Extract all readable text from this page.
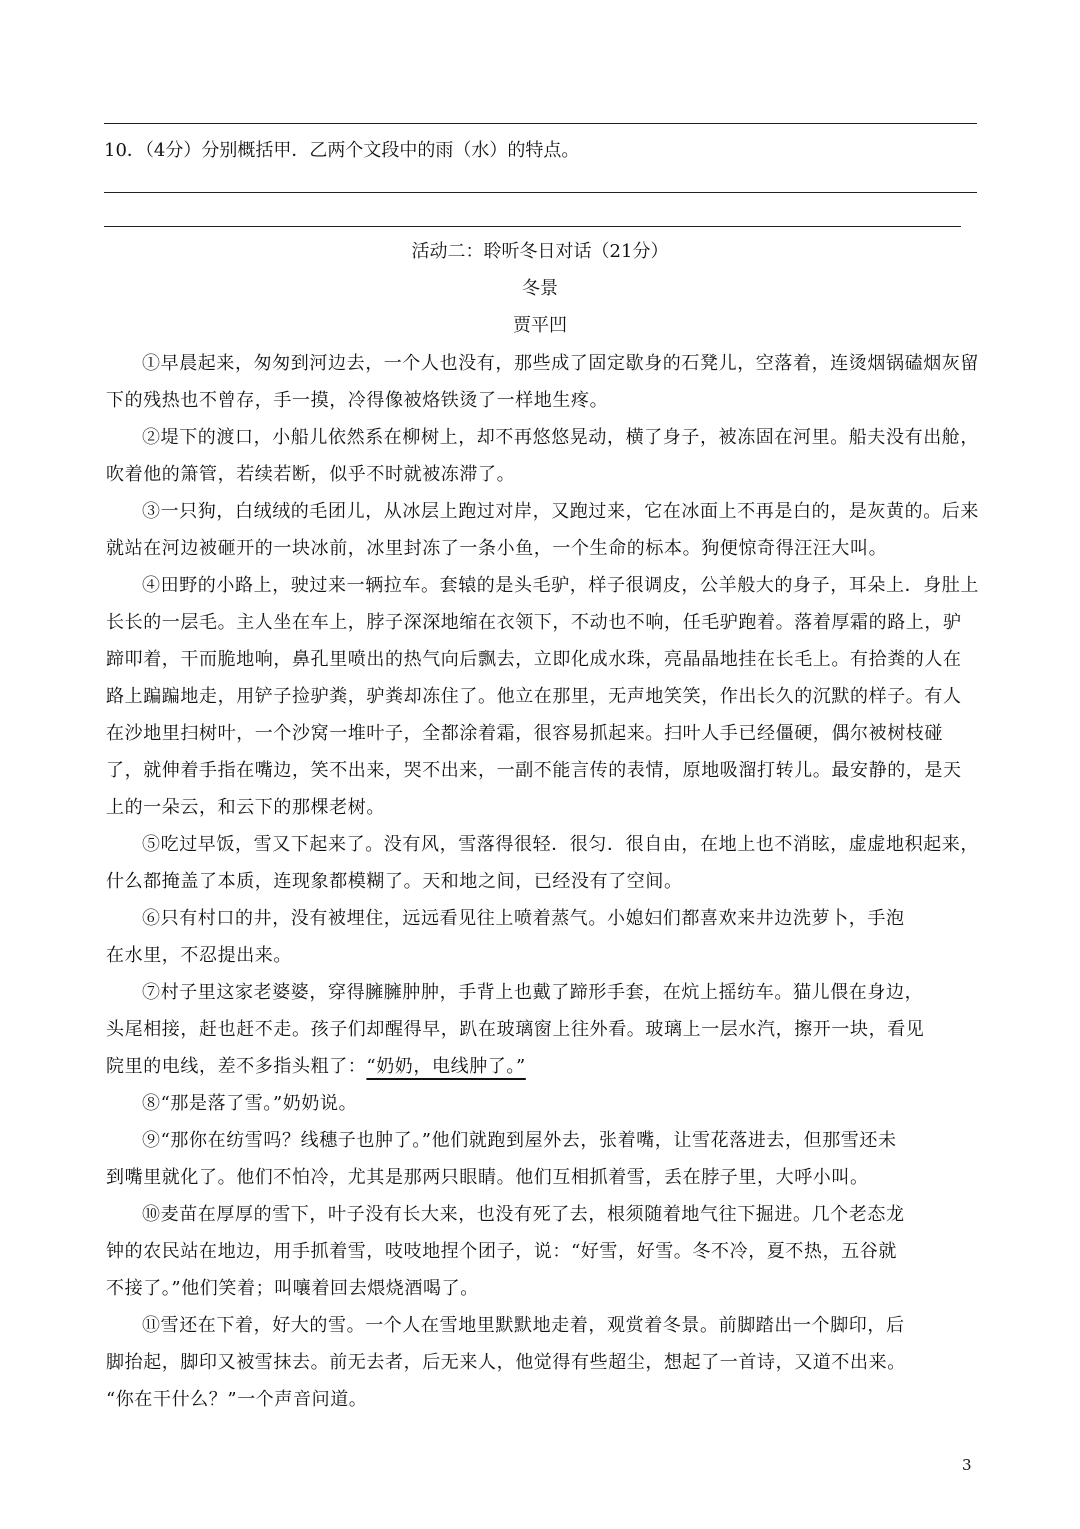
10．（4分）分别概括甲．乙两个文段中的雨（水）的特点。
活动二：聆听冬日对话（21分）
冬景
贾平凹

①早晨起来，匆匆到河边去，一个人也没有，那些成了固定歇身的石凳儿，空落着，连烫烟锅磕烟灰留下的残热也不曾存，手一摸，冷得像被烙铁烫了一样地生疼。

②堤下的渡口，小船儿依然系在柳树上，却不再悠悠晃动，横了身子，被冻固在河里。船夫没有出舱，吹着他的箫管，若续若断，似乎不时就被冻滞了。

③一只狗，白绒绒的毛团儿，从冰层上跑过对岸，又跑过来，它在冰面上不再是白的，是灰黄的。后来就站在河边被砸开的一块冰前，冰里封冻了一条小鱼，一个生命的标本。狗便惊奇得汪汪大叫。

④田野的小路上，驶过来一辆拉车。套辕的是头毛驴，样子很调皮，公羊般大的身子，耳朵上．身肚上长长的一层毛。主人坐在车上，脖子深深地缩在衣领下，不动也不响，任毛驴跑着。落着厚霜的路上，驴蹄叩着，干而脆地响，鼻孔里喷出的热气向后飘去，立即化成水珠，亮晶晶地挂在长毛上。有拾粪的人在路上蹁蹁地走，用铲子捡驴粪，驴粪却冻住了。他立在那里，无声地笑笑，作出长久的沉默的样子。有人在沙地里扫树叶，一个沙窝一堆叶子，全都涂着霜，很容易抓起来。扫叶人手已经僵硬，偶尔被树枝碰了，就伸着手指在嘴边，笑不出来，哭不出来，一副不能言传的表情，原地吸溜打转儿。最安静的，是天上的一朵云，和云下的那棵老树。

⑤吃过早饭，雪又下起来了。没有风，雪落得很轻．很匀．很自由，在地上也不消眩，虚虚地积起来，什么都掩盖了本质，连现象都模糊了。天和地之间，已经没有了空间。

⑥只有村口的井，没有被埋住，远远看见往上喷着蒸气。小媳妇们都喜欢来井边洗萝卜，手泡

在水里，不忍提出来。

⑦村子里这家老婆婆，穿得臃臃肿肿，手背上也戴了蹄形手套，在炕上摇纺车。猫儿偎在身边，

头尾相接，赶也赶不走。孩子们却醒得早，趴在玻璃窗上往外看。玻璃上一层水汽，擦开一块，看见

院里的电线，差不多指头粗了：“奶奶，电线肿了。”

⑧“那是落了雪。”奶奶说。

⑨“那你在纺雪吗？线穗子也肿了。”他们就跑到屋外去，张着嘴，让雪花落进去，但那雪还未

到嘴里就化了。他们不怕冷，尤其是那两只眼睛。他们互相抓着雪，丢在脖子里，大呼小叫。

⑩麦苗在厚厚的雪下，叶子没有长大来，也没有死了去，根须随着地气往下掘进。几个老态龙

钟的农民站在地边，用手抓着雪，吱吱地捏个团子，说：“好雪，好雪。冬不冷，夏不热，五谷就

不接了。”他们笑着；叫嚷着回去煨烧酒喝了。

⑪雪还在下着，好大的雪。一个人在雪地里默默地走着，观赏着冬景。前脚踏出一个脚印，后

脚抬起，脚印又被雪抹去。前无去者，后无来人，他觉得有些超尘，想起了一首诗，又道不出来。

“你在干什么？”一个声音问道。

3
